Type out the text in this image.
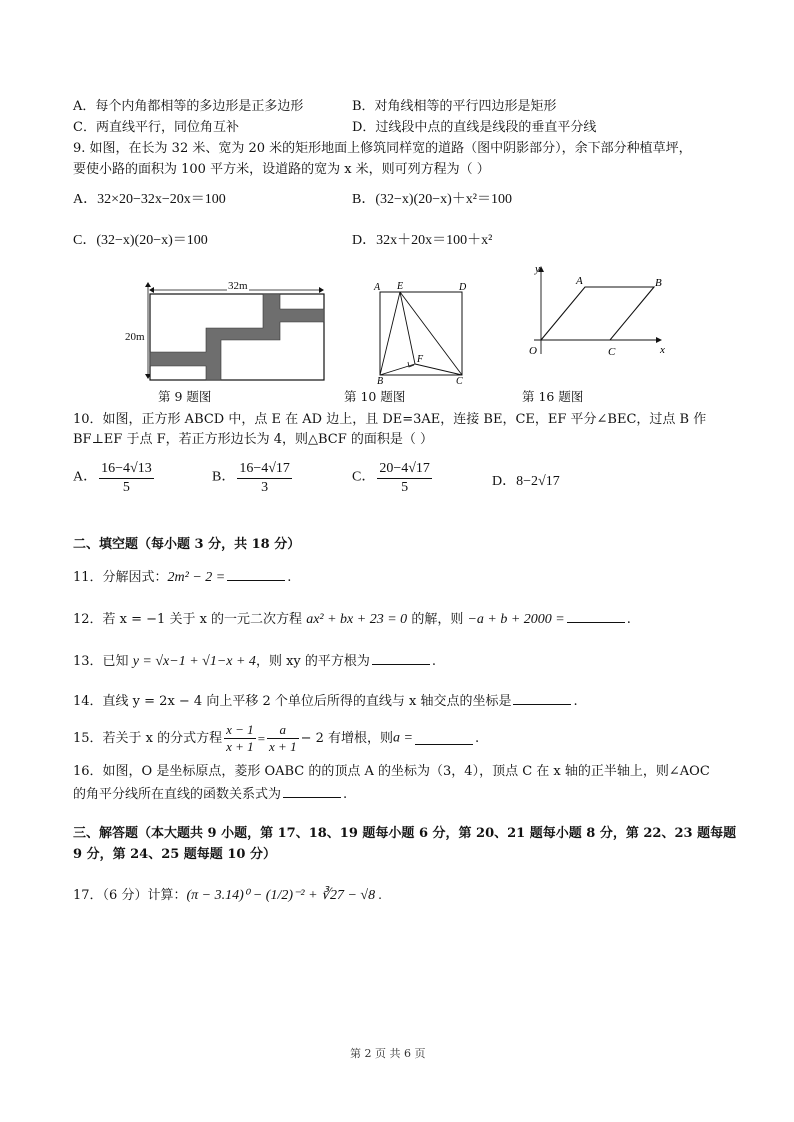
A．每个内角都相等的多边形是正多边形	B．对角线相等的平行四边形是矩形
C．两直线平行，同位角互补	D．过线段中点的直线是线段的垂直平分线
9. 如图，在长为 32 米、宽为 20 米的矩形地面上修筑同样宽的道路（图中阴影部分），余下部分种植草坪，
要使小路的面积为 100 平方米，设道路的宽为 x 米，则可列方程为（ ）
A．32×20−32x−20x＝100	B．(32−x)(20−x)＋x²＝100
C．(32−x)(20−x)＝100	D．32x＋20x＝100＋x²
32m
20m
A E	D
F
B	C
y
A	B
O	C	x
第 9 题图	第 10 题图	第 16 题图
10．如图，正方形 ABCD 中，点 E 在 AD 边上，且 DE=3AE，连接 BE，CE，EF 平分∠BEC，过点 B 作
BF⊥EF 于点 F，若正方形边长为 4，则△BCF 的面积是（ ）
A． $\frac{16-4√13}{5}$	B． $\frac{16-4√17}{3}$	C． $\frac{20-4√17}{5}$	D．8−2√17
二、填空题（每小题 3 分，共 18 分）
11．分解因式：2m² − 2 =	.
12．若 x = −1 关于 x 的一元二次方程 ax² + bx + 23 = 0 的解，则 −a + b + 2000 =	.
13．已知 y = √x−1 + √1−x + 4，则 xy 的平方根为	.
14．直线 y = 2x − 4 向上平移 2 个单位后所得的直线与 x 轴交点的坐标是	.
15．若关于 x 的分式方程 $\frac{x - 1}{x + 1} = \frac{a}{x + 1} - 2$ 有增根，则a =	.
16．如图，O 是坐标原点，菱形 OABC 的的顶点 A 的坐标为（3，4），顶点 C 在 x 轴的正半轴上，则∠AOC
的角平分线所在直线的函数关系式为	.
三、解答题（本大题共 9 小题，第 17、18、19 题每小题 6 分，第 20、21 题每小题 8 分，第 22、23 题每题
9 分，第 24、25 题每题 10 分）
17．（6 分）计算：(π − 3.14)⁰ − (1/2)⁻² + ∛27 − √8 .
第 2 页 共 6 页
